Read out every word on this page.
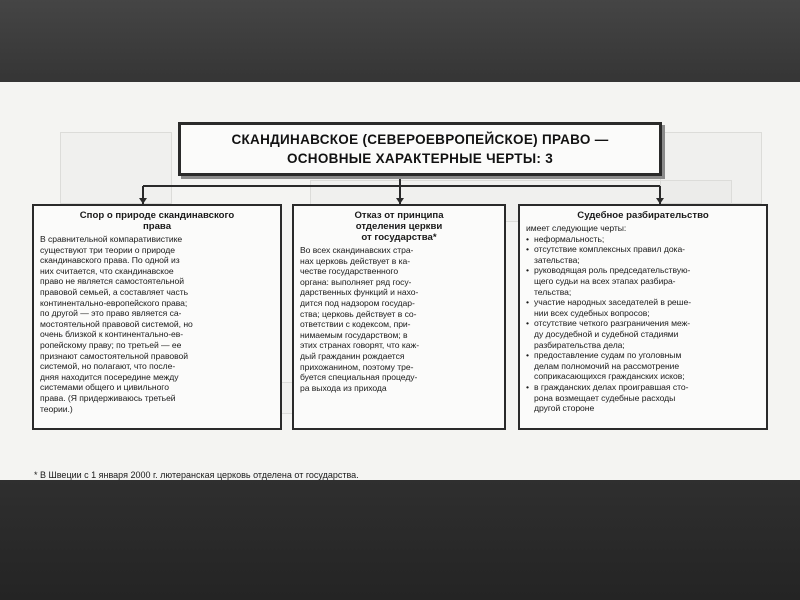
СКАНДИНАВСКОЕ (СЕВЕРОЕВРОПЕЙСКОЕ) ПРАВО —
ОСНОВНЫЕ ХАРАКТЕРНЫЕ ЧЕРТЫ: 3
Спор о природе скандинавского
права
В сравнительной компаративистике
существуют три теории о природе
скандинавского права. По одной из
них считается, что скандинавское
право не является самостоятельной
правовой семьей, а составляет часть
континентально-европейского права;
по другой — это право является са-
мостоятельной правовой системой, но
очень близкой к континентально-ев-
ропейскому праву; по третьей — ее
признают самостоятельной правовой
системой, но полагают, что после-
дняя находится посередине между
системами общего и цивильного
права. (Я придерживаюсь третьей
теории.)
Отказ от принципа
отделения церкви
от государства*
Во всех скандинавских стра-
нах церковь действует в ка-
честве государственного
органа: выполняет ряд госу-
дарственных функций и нахо-
дится под надзором государ-
ства; церковь действует в со-
ответствии с кодексом, при-
нимаемым государством; в
этих странах говорят, что каж-
дый гражданин рождается
прихожанином, поэтому тре-
буется специальная процеду-
ра выхода из прихода
Судебное разбирательство
имеет следующие черты:
• неформальность;
• отсутствие комплексных правил дока-
зательства;
• руководящая роль председательствую-
щего судьи на всех этапах разбира-
тельства;
• участие народных заседателей в реше-
нии всех судебных вопросов;
• отсутствие четкого разграничения меж-
ду досудебной и судебной стадиями
разбирательства дела;
• предоставление судам по уголовным
делам полномочий на рассмотрение
соприкасающихся гражданских исков;
• в гражданских делах проигравшая сто-
рона возмещает судебные расходы
другой стороне
* В Швеции с 1 января 2000 г. лютеранская церковь отделена от государства.
